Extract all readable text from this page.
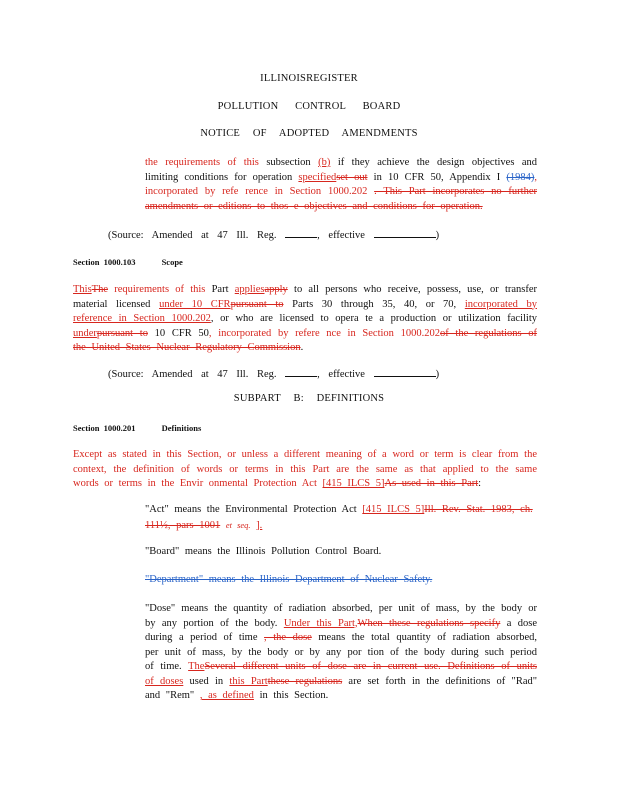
ILLINOISREGISTER
POLLUTION CONTROL BOARD
NOTICE OF ADOPTED AMENDMENTS
the requirements of this subsection (b) if they achieve the design objectives and limiting conditions for operation specifiedset out in 10 CFR 50, Appendix I (1984), incorporated by refe rence in Section 1000.202 . This Part incorporates no further amendments or editions to thos e objectives and conditions for operation.
(Source: Amended at 47 Ill. Reg.	, effective	)
Section 1000.103	Scope
ThisThe requirements of this Part appliesapply to all persons who receive, possess, use, or transfer material licensed under 10 CFRpursuant to Parts 30 through 35, 40, or 70, incorporated by reference in Section 1000.202, or who are licensed to opera te a production or utilization facility underpursuant to 10 CFR 50, incorporated by refere nce in Section 1000.202of the regulations of the United States Nuclear Regulatory Commission.
(Source: Amended at 47 Ill. Reg.	, effective	)
SUBPART B: DEFINITIONS
Section 1000.201	Definitions
Except as stated in this Section, or unless a different meaning of a word or term is clear from the context, the definition of words or terms in this Part are the same as that applied to the same words or terms in the Envir onmental Protection Act [415 ILCS 5]As used in this Part:
"Act" means the Environmental Protection Act [415 ILCS 5]Ill. Rev. Stat. 1983, ch. 111½, pars 1001 et seq. ].
"Board" means the Illinois Pollution Control Board.
"Department" means the Illinois Department of Nuclear Safety.
"Dose" means the quantity of radiation absorbed, per unit of mass, by the body or by any portion of the body. Under this Part,When these regulations specify a dose during a period of time , the dose means the total quantity of radiation absorbed, per unit of mass, by the body or by any por tion of the body during such period of time. TheSeveral different units of dose are in current use. Definitions of units of doses used in this Partthese regulations are set forth in the definitions of "Rad" and "Rem" , as defined in this Section.
